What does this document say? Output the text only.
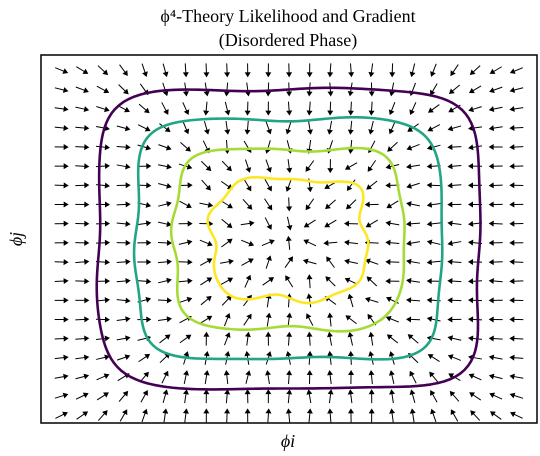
ϕ⁴-Theory Likelihood and Gradient
(Disordered Phase)
ϕi
ϕj
